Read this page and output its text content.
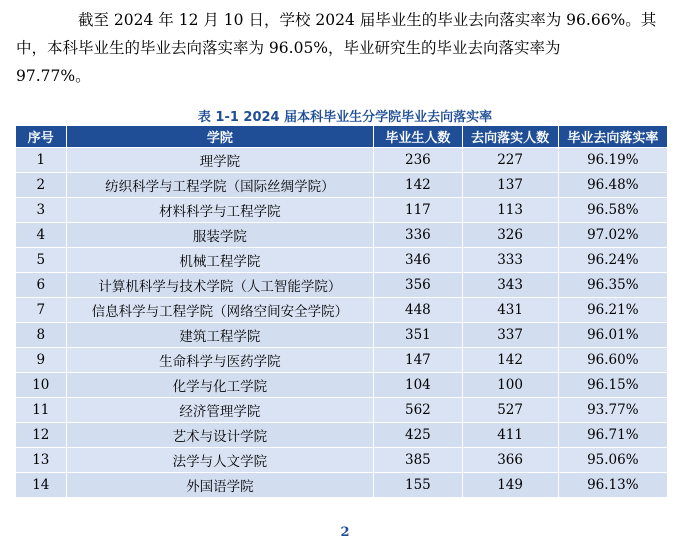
截至 2024 年 12 月 10 日，学校 2024 届毕业生的毕业去向落实率为 96.66%。其
中，本科毕业生的毕业去向落实率为 96.05%，毕业研究生的毕业去向落实率为
97.77%。

表 1-1 2024 届本科毕业生分学院毕业去向落实率
序号	学院	毕业生人数	去向落实人数	毕业去向落实率
1	理学院	236	227	96.19%
2	纺织科学与工程学院（国际丝绸学院）	142	137	96.48%
3	材料科学与工程学院	117	113	96.58%
4	服装学院	336	326	97.02%
5	机械工程学院	346	333	96.24%
6	计算机科学与技术学院（人工智能学院）	356	343	96.35%
7	信息科学与工程学院（网络空间安全学院）	448	431	96.21%
8	建筑工程学院	351	337	96.01%
9	生命科学与医药学院	147	142	96.60%
10	化学与化工学院	104	100	96.15%
11	经济管理学院	562	527	93.77%
12	艺术与设计学院	425	411	96.71%
13	法学与人文学院	385	366	95.06%
14	外国语学院	155	149	96.13%
2
